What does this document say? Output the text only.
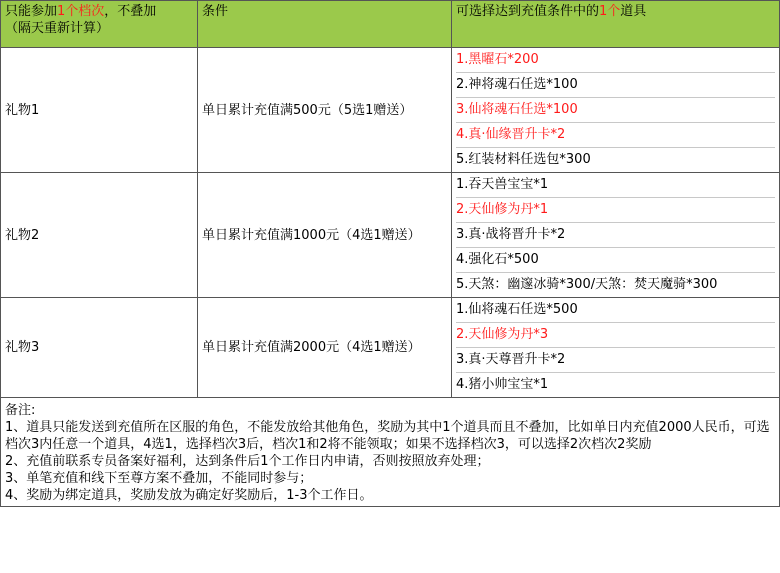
只能参加1个档次，不叠加
（隔天重新计算）	条件	可选择达到充值条件中的1个道具
礼物1	单日累计充值满500元（5选1赠送）	1.黑曜石*200
2.神将魂石任选*100
3.仙将魂石任选*100
4.真·仙缘晋升卡*2
5.红装材料任选包*300

礼物2	单日累计充值满1000元（4选1赠送）	1.吞天兽宝宝*1
2.天仙修为丹*1
3.真·战将晋升卡*2
4.强化石*500
5.天煞：幽邃冰骑*300/天煞：焚天魔骑*300

礼物3	单日累计充值满2000元（4选1赠送）	1.仙将魂石任选*500
2.天仙修为丹*3
3.真·天尊晋升卡*2
4.猪小帅宝宝*1

备注:
1、道具只能发送到充值所在区服的角色，不能发放给其他角色，奖励为其中1个道具而且不叠加，比如单日内充值2000人民币，可选档次3内任意一个道具，4选1，选择档次3后，档次1和2将不能领取；如果不选择档次3，可以选择2次档次2奖励
2、充值前联系专员备案好福利，达到条件后1个工作日内申请，否则按照放弃处理；
3、单笔充值和线下至尊方案不叠加，不能同时参与；
4、奖励为绑定道具，奖励发放为确定好奖励后，1-3个工作日。		
